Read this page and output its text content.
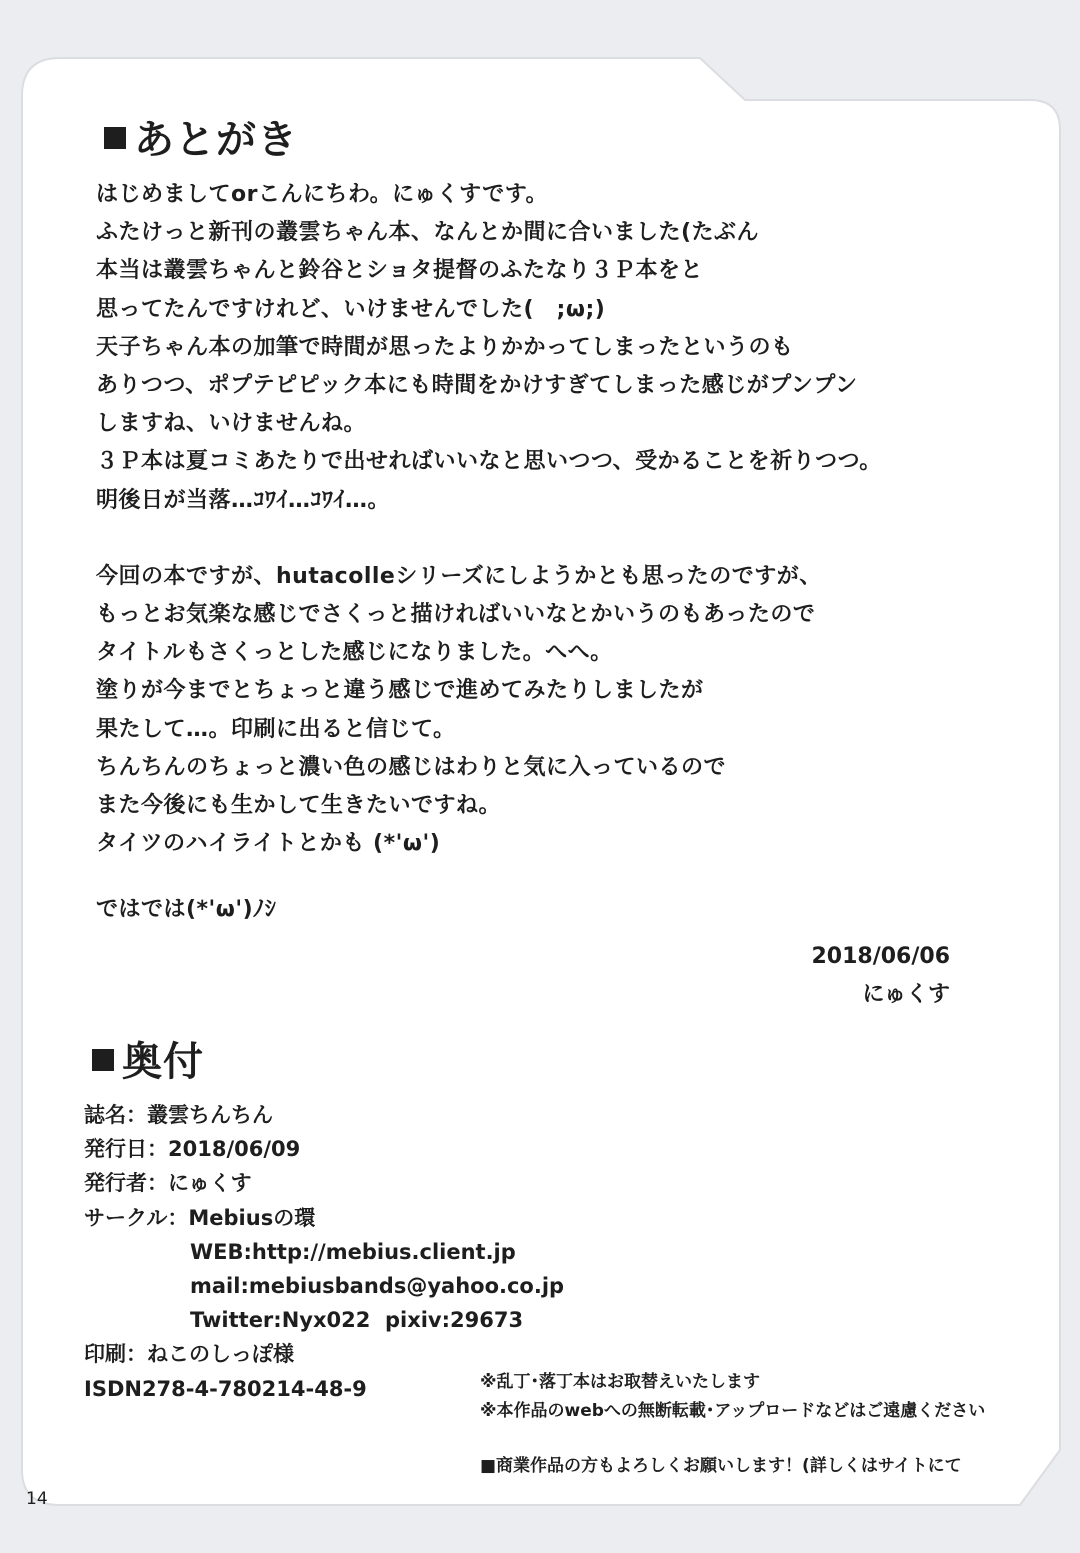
あとがき
はじめましてorこんにちわ。にゅくすです。
ふたけっと新刊の叢雲ちゃん本、なんとか間に合いました(たぶん
本当は叢雲ちゃんと鈴谷とショタ提督のふたなり３Ｐ本をと
思ってたんですけれど、いけませんでした(　;ω;)
天子ちゃん本の加筆で時間が思ったよりかかってしまったというのも
ありつつ、ポプテピピック本にも時間をかけすぎてしまった感じがプンプン
しますね、いけませんね。
３Ｐ本は夏コミあたりで出せればいいなと思いつつ、受かることを祈りつつ。
明後日が当落…ｺﾜｲ…ｺﾜｲ…。
今回の本ですが、hutacolleシリーズにしようかとも思ったのですが、
もっとお気楽な感じでさくっと描ければいいなとかいうのもあったので
タイトルもさくっとした感じになりました。へへ。
塗りが今までとちょっと違う感じで進めてみたりしましたが
果たして…。印刷に出ると信じて。
ちんちんのちょっと濃い色の感じはわりと気に入っているので
また今後にも生かして生きたいですね。
タイツのハイライトとかも (*'ω')
ではでは(*'ω')ﾉｼ
2018/06/06
にゅくす
奥付
誌名：叢雲ちんちん
発行日：2018/06/09
発行者：にゅくす
サークル：Mebiusの環
WEB:http://mebius.client.jp
mail:mebiusbands@yahoo.co.jp
Twitter:Nyx022  pixiv:29673
印刷：ねこのしっぽ様
ISDN278-4-780214-48-9	※乱丁･落丁本はお取替えいたします
※本作品のwebへの無断転載･アップロードなどはご遠慮ください
■商業作品の方もよろしくお願いします！(詳しくはサイトにて
14
